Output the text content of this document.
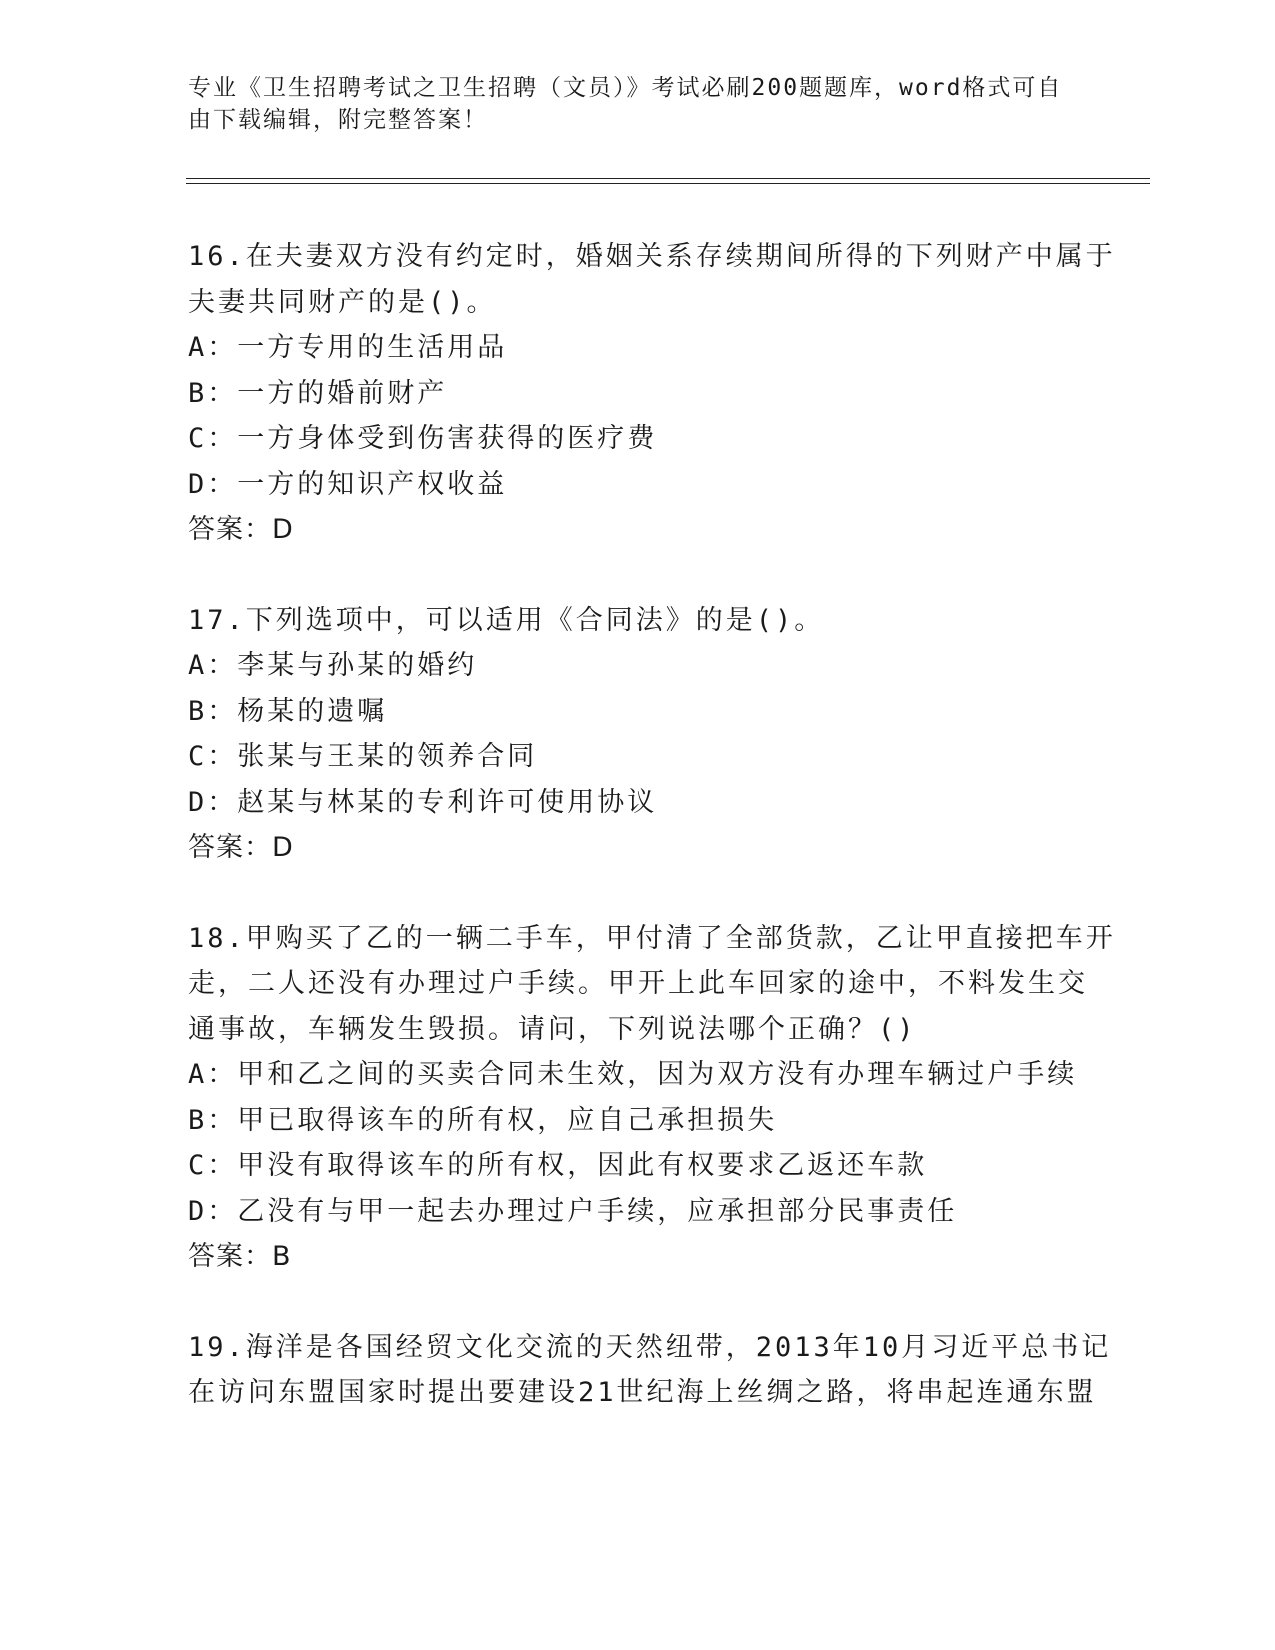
专业《卫生招聘考试之卫生招聘（文员）》考试必刷200题题库，word格式可自
由下载编辑，附完整答案！
16.在夫妻双方没有约定时，婚姻关系存续期间所得的下列财产中属于
夫妻共同财产的是()。
A：一方专用的生活用品
B：一方的婚前财产
C：一方身体受到伤害获得的医疗费
D：一方的知识产权收益
答案：D
17.下列选项中，可以适用《合同法》的是()。
A：李某与孙某的婚约
B：杨某的遗嘱
C：张某与王某的领养合同
D：赵某与林某的专利许可使用协议
答案：D
18.甲购买了乙的一辆二手车，甲付清了全部货款，乙让甲直接把车开
走，二人还没有办理过户手续。甲开上此车回家的途中，不料发生交
通事故，车辆发生毁损。请问，下列说法哪个正确？()
A：甲和乙之间的买卖合同未生效，因为双方没有办理车辆过户手续
B：甲已取得该车的所有权，应自己承担损失
C：甲没有取得该车的所有权，因此有权要求乙返还车款
D：乙没有与甲一起去办理过户手续，应承担部分民事责任
答案：B
19.海洋是各国经贸文化交流的天然纽带，2013年10月习近平总书记
在访问东盟国家时提出要建设21世纪海上丝绸之路，将串起连通东盟
